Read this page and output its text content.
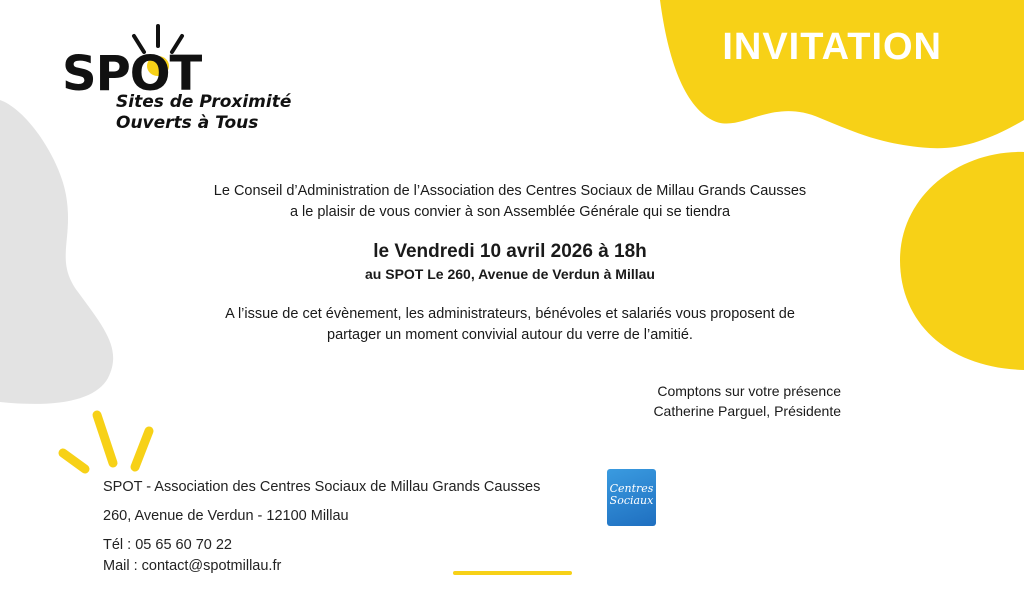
SPOT
Sites de Proximité
Ouverts à Tous
INVITATION
Le Conseil d’Administration de l’Association des Centres Sociaux de Millau Grands Causses
a le plaisir de vous convier à son Assemblée Générale qui se tiendra
le Vendredi 10 avril 2026 à 18h
au SPOT Le 260, Avenue de Verdun à Millau
A l’issue de cet évènement, les administrateurs, bénévoles et salariés vous proposent de
partager un moment convivial autour du verre de l’amitié.
Comptons sur votre présence
Catherine Parguel, Présidente
SPOT - Association des Centres Sociaux de Millau Grands Causses
260, Avenue de Verdun - 12100 Millau
Tél : 05 65 60 70 22
Mail : contact@spotmillau.fr
Centres
Sociaux
